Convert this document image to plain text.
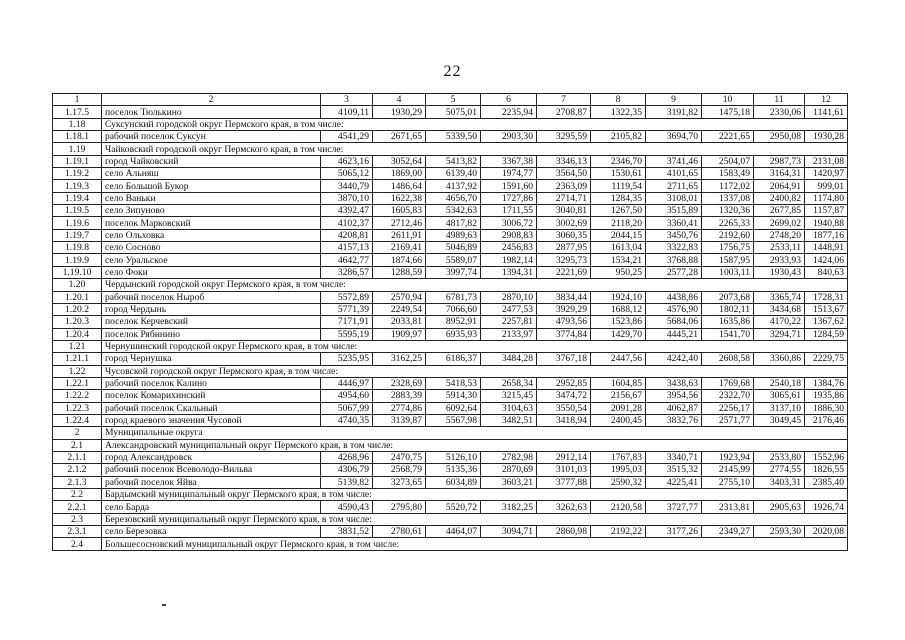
22
1	2	3	4	5	6	7	8	9	10	11	12
1.17.5	поселок Тюлькино	4109,11	1930,29	5075,01	2235,94	2708,87	1322,35	3191,82	1475,18	2330,06	1141,61
1.18	Суксунский городской округ Пермского края, в том числе:										
1.18.1	рабочий поселок Суксун	4541,29	2671,65	5339,50	2903,30	3295,59	2105,82	3694,70	2221,65	2950,08	1930,28
1.19	Чайковский городской округ Пермского края, в том числе:										
1.19.1	город Чайковский	4623,16	3052,64	5413,82	3367,38	3346,13	2346,70	3741,46	2504,07	2987,73	2131,08
1.19.2	село Альняш	5065,12	1869,00	6139,40	1974,77	3564,50	1530,61	4101,65	1583,49	3164,31	1420,97
1.19.3	село Большой Букор	3440,79	1486,64	4137,92	1591,60	2363,09	1119,54	2711,65	1172,02	2064,91	999,01
1.19.4	село Ваньки	3870,10	1622,38	4656,70	1727,86	2714,71	1284,35	3108,01	1337,08	2400,82	1174,80
1.19.5	село Зипуново	4392,47	1605,83	5342,63	1711,55	3040,81	1267,50	3515,89	1320,36	2677,85	1157,87
1.19.6	поселок Марковский	4102,37	2712,46	4817,82	3006,72	3002,69	2118,20	3360,41	2265,33	2699,02	1940,88
1.19.7	село Ольховка	4208,81	2611,91	4989,63	2908,83	3060,35	2044,15	3450,76	2192,60	2748,20	1877,16
1.19.8	село Сосново	4157,13	2169,41	5046,89	2456,83	2877,95	1613,04	3322,83	1756,75	2533,11	1448,91
1.19.9	село Уральское	4642,77	1874,66	5589,07	1982,14	3295,73	1534,21	3768,88	1587,95	2933,93	1424,06
1.19.10	село Фоки	3286,57	1288,59	3997,74	1394,31	2221,69	950,25	2577,28	1003,11	1930,43	840,63
1.20	Чердынский городской округ Пермского края, в том числе:										
1.20.1	рабочий поселок Ныроб	5572,89	2570,94	6781,73	2870,10	3834,44	1924,10	4438,86	2073,68	3365,74	1728,31
1.20.2	город Чердынь	5771,39	2249,54	7066,60	2477,53	3929,29	1688,12	4576,90	1802,11	3434,68	1513,67
1.20.3	поселок Керчевский	7171,91	2033,81	8952,91	2257,81	4793,56	1523,86	5684,06	1635,86	4170,22	1367,62
1.20.4	поселок Рябинино	5595,19	1909,97	6935,93	2133,97	3774,84	1429,70	4445,21	1541,70	3294,71	1284,59
1.21	Чернушинский городской округ Пермского края, в том числе:										
1.21.1	город Чернушка	5235,95	3162,25	6186,37	3484,28	3767,18	2447,56	4242,40	2608,58	3360,86	2229,75
1.22	Чусовской городской округ Пермского края, в том числе:										
1.22.1	рабочий поселок Калино	4446,97	2328,69	5418,53	2658,34	2952,85	1604,85	3438,63	1769,68	2540,18	1384,76
1.22.2	поселок Комарихинский	4954,60	2883,39	5914,30	3215,45	3474,72	2156,67	3954,56	2322,70	3065,61	1935,86
1.22.3	рабочий поселок Скальный	5067,99	2774,86	6092,64	3104,63	3550,54	2091,28	4062,87	2256,17	3137,10	1886,30
1.22.4	город краевого значения Чусовой	4740,35	3139,87	5567,98	3482,51	3418,94	2400,45	3832,76	2571,77	3049,45	2176,46
2	Муниципальные округа										
2.1	Александровский муниципальный округ Пермского края, в том числе:										
2.1.1	город Александровск	4268,96	2470,75	5126,10	2782,98	2912,14	1767,83	3340,71	1923,94	2533,80	1552,96
2.1.2	рабочий поселок Всеволодо-Вильва	4306,79	2568,79	5135,36	2870,69	3101,03	1995,03	3515,32	2145,99	2774,55	1826,55
2.1.3	рабочий поселок Яйва	5139,82	3273,65	6034,89	3603,21	3777,88	2590,32	4225,41	2755,10	3403,31	2385,40
2.2	Бардымский муниципальный округ Пермского края, в том числе:										
2.2.1	село Барда	4590,43	2795,80	5520,72	3182,25	3262,63	2120,58	3727,77	2313,81	2905,63	1926,74
2.3	Березовский муниципальный округ Пермского края, в том числе:										
2.3.1	село Березовка	3831,52	2780,61	4464,07	3094,71	2860,98	2192,22	3177,26	2349,27	2593,30	2020,08
2.4	Большесосновский муниципальный округ Пермского края, в том числе:										
